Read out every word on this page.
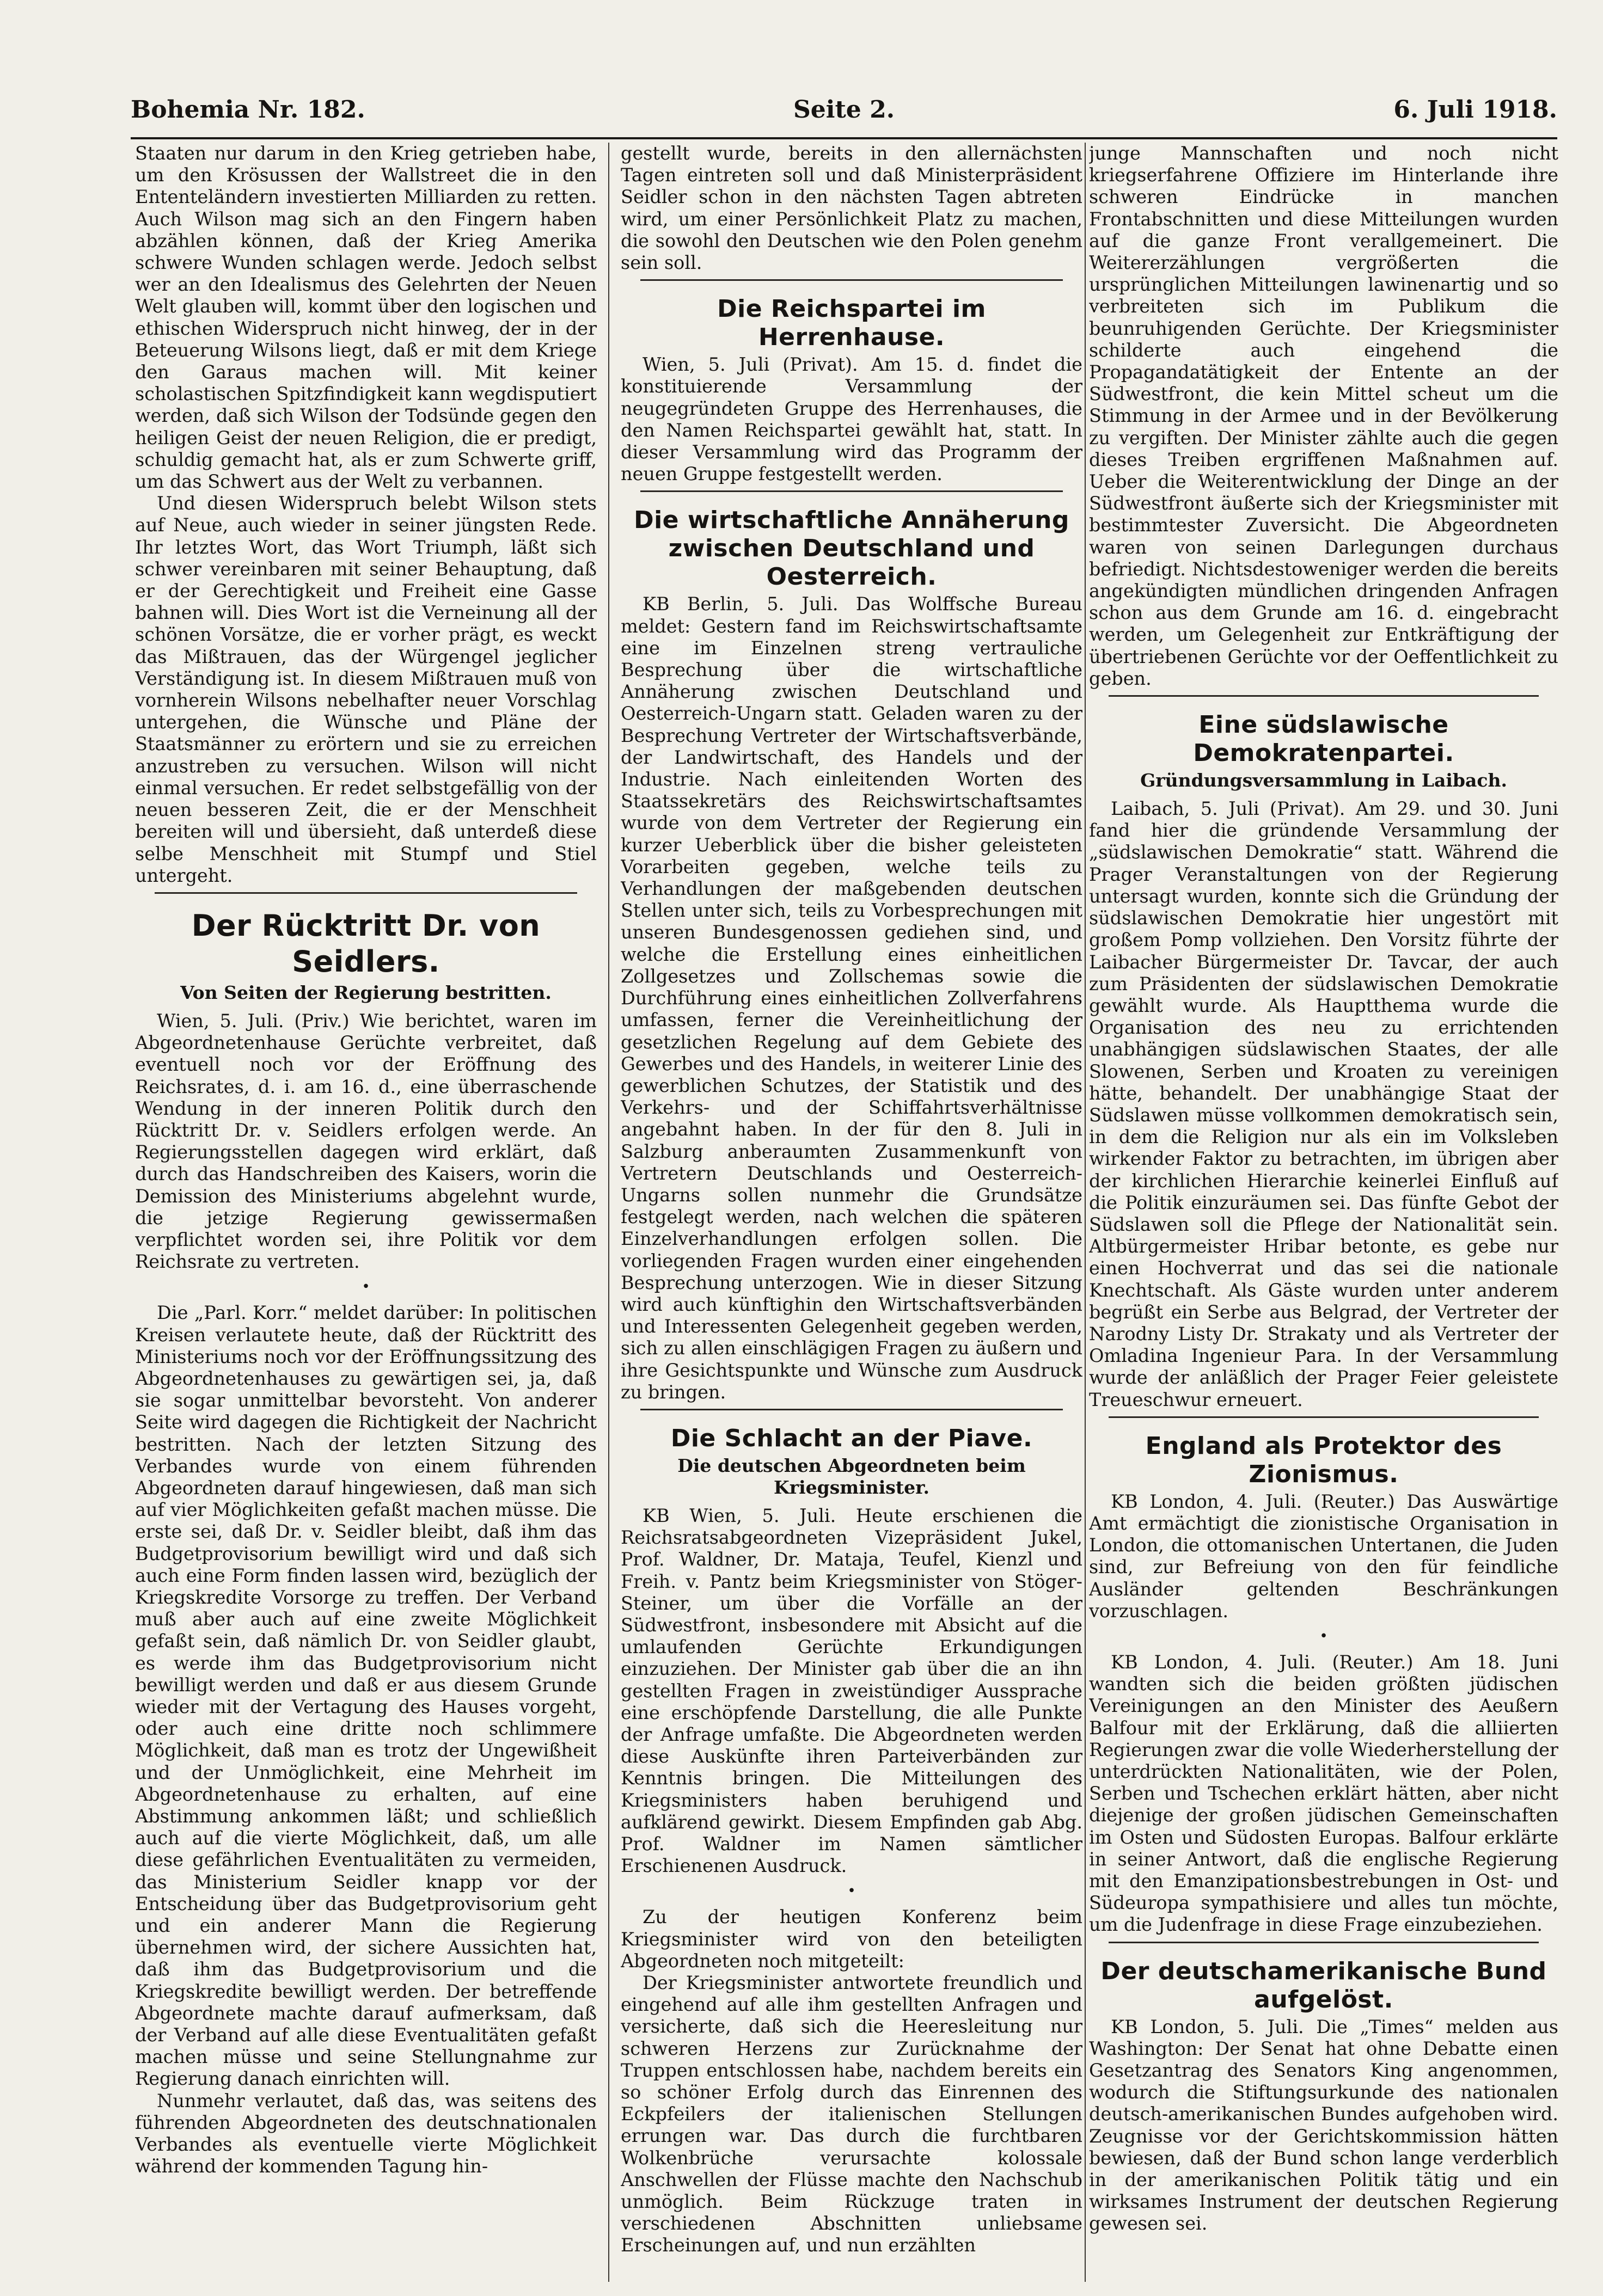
Seite 2.
Bohemia Nr. 182.	6. Juli 1918.

Staaten nur darum in den Krieg getrieben habe, um den Krösussen der Wallstreet die in den Ententeländern investierten Milliarden zu retten. Auch Wilson mag sich an den Fingern haben abzählen können, daß der Krieg Amerika schwere Wunden schlagen werde. Jedoch selbst wer an den Idealismus des Gelehrten der Neuen Welt glauben will, kommt über den logischen und ethischen Widerspruch nicht hinweg, der in der Beteuerung Wilsons liegt, daß er mit dem Kriege den Garaus machen will. Mit keiner scholastischen Spitzfindigkeit kann wegdisputiert werden, daß sich Wilson der Todsünde gegen den heiligen Geist der neuen Religion, die er predigt, schuldig gemacht hat, als er zum Schwerte griff, um das Schwert aus der Welt zu verbannen.

Und diesen Widerspruch belebt Wilson stets auf Neue, auch wieder in seiner jüngsten Rede. Ihr letztes Wort, das Wort Triumph, läßt sich schwer vereinbaren mit seiner Behauptung, daß er der Gerechtigkeit und Freiheit eine Gasse bahnen will. Dies Wort ist die Verneinung all der schönen Vorsätze, die er vorher prägt, es weckt das Mißtrauen, das der Würgengel jeglicher Verständigung ist. In diesem Mißtrauen muß von vornherein Wilsons nebelhafter neuer Vorschlag untergehen, die Wünsche und Pläne der Staatsmänner zu erörtern und sie zu erreichen anzustreben zu versuchen. Wilson will nicht einmal versuchen. Er redet selbstgefällig von der neuen besseren Zeit, die er der Menschheit bereiten will und übersieht, daß unterdeß diese selbe Menschheit mit Stumpf und Stiel untergeht.

Der Rücktritt Dr. von Seidlers.
Von Seiten der Regierung bestritten.

Wien, 5. Juli. (Priv.) Wie berichtet, waren im Abgeordnetenhause Gerüchte verbreitet, daß eventuell noch vor der Eröffnung des Reichsrates, d. i. am 16. d., eine überraschende Wendung in der inneren Politik durch den Rücktritt Dr. v. Seidlers erfolgen werde. An Regierungsstellen dagegen wird erklärt, daß durch das Handschreiben des Kaisers, worin die Demission des Ministeriums abgelehnt wurde, die jetzige Regierung gewissermaßen verpflichtet worden sei, ihre Politik vor dem Reichsrate zu vertreten.

•

Die „Parl. Korr.“ meldet darüber: In politischen Kreisen verlautete heute, daß der Rücktritt des Ministeriums noch vor der Eröffnungssitzung des Abgeordnetenhauses zu gewärtigen sei, ja, daß sie sogar unmittelbar bevorsteht. Von anderer Seite wird dagegen die Richtigkeit der Nachricht bestritten. Nach der letzten Sitzung des Verbandes wurde von einem führenden Abgeordneten darauf hingewiesen, daß man sich auf vier Möglichkeiten gefaßt machen müsse. Die erste sei, daß Dr. v. Seidler bleibt, daß ihm das Budgetprovisorium bewilligt wird und daß sich auch eine Form finden lassen wird, bezüglich der Kriegskredite Vorsorge zu treffen. Der Verband muß aber auch auf eine zweite Möglichkeit gefaßt sein, daß nämlich Dr. von Seidler glaubt, es werde ihm das Budgetprovisorium nicht bewilligt werden und daß er aus diesem Grunde wieder mit der Vertagung des Hauses vorgeht, oder auch eine dritte noch schlimmere Möglichkeit, daß man es trotz der Ungewißheit und der Unmöglichkeit, eine Mehrheit im Abgeordnetenhause zu erhalten, auf eine Abstimmung ankommen läßt; und schließlich auch auf die vierte Möglichkeit, daß, um alle diese gefährlichen Eventualitäten zu vermeiden, das Ministerium Seidler knapp vor der Entscheidung über das Budgetprovisorium geht und ein anderer Mann die Regierung übernehmen wird, der sichere Aussichten hat, daß ihm das Budgetprovisorium und die Kriegskredite bewilligt werden. Der betreffende Abgeordnete machte darauf aufmerksam, daß der Verband auf alle diese Eventualitäten gefaßt machen müsse und seine Stellungnahme zur Regierung danach einrichten will.

Nunmehr verlautet, daß das, was seitens des führenden Abgeordneten des deutschnationalen Verbandes als eventuelle vierte Möglichkeit während der kommenden Tagung hin-

gestellt wurde, bereits in den allernächsten Tagen eintreten soll und daß Ministerpräsident Seidler schon in den nächsten Tagen abtreten wird, um einer Persönlichkeit Platz zu machen, die sowohl den Deutschen wie den Polen genehm sein soll.

Die Reichspartei im Herrenhause.

Wien, 5. Juli (Privat). Am 15. d. findet die konstituierende Versammlung der neugegründeten Gruppe des Herrenhauses, die den Namen Reichspartei gewählt hat, statt. In dieser Versammlung wird das Programm der neuen Gruppe festgestellt werden.

Die wirtschaftliche Annäherung zwischen Deutschland und Oesterreich.

KB Berlin, 5. Juli. Das Wolffsche Bureau meldet: Gestern fand im Reichswirtschaftsamte eine im Einzelnen streng vertrauliche Besprechung über die wirtschaftliche Annäherung zwischen Deutschland und Oesterreich-Ungarn statt. Geladen waren zu der Besprechung Vertreter der Wirtschaftsverbände, der Landwirtschaft, des Handels und der Industrie. Nach einleitenden Worten des Staatssekretärs des Reichswirtschaftsamtes wurde von dem Vertreter der Regierung ein kurzer Ueberblick über die bisher geleisteten Vorarbeiten gegeben, welche teils zu Verhandlungen der maßgebenden deutschen Stellen unter sich, teils zu Vorbesprechungen mit unseren Bundesgenossen gediehen sind, und welche die Erstellung eines einheitlichen Zollgesetzes und Zollschemas sowie die Durchführung eines einheitlichen Zollverfahrens umfassen, ferner die Vereinheitlichung der gesetzlichen Regelung auf dem Gebiete des Gewerbes und des Handels, in weiterer Linie des gewerblichen Schutzes, der Statistik und des Verkehrs- und der Schiffahrtsverhältnisse angebahnt haben. In der für den 8. Juli in Salzburg anberaumten Zusammenkunft von Vertretern Deutschlands und Oesterreich-Ungarns sollen nunmehr die Grundsätze festgelegt werden, nach welchen die späteren Einzelverhandlungen erfolgen sollen. Die vorliegenden Fragen wurden einer eingehenden Besprechung unterzogen. Wie in dieser Sitzung wird auch künftighin den Wirtschaftsverbänden und Interessenten Gelegenheit gegeben werden, sich zu allen einschlägigen Fragen zu äußern und ihre Gesichtspunkte und Wünsche zum Ausdruck zu bringen.

Die Schlacht an der Piave.
Die deutschen Abgeordneten beim Kriegsminister.

KB Wien, 5. Juli. Heute erschienen die Reichsratsabgeordneten Vizepräsident Jukel, Prof. Waldner, Dr. Mataja, Teufel, Kienzl und Freih. v. Pantz beim Kriegsminister von Stöger-Steiner, um über die Vorfälle an der Südwestfront, insbesondere mit Absicht auf die umlaufenden Gerüchte Erkundigungen einzuziehen. Der Minister gab über die an ihn gestellten Fragen in zweistündiger Aussprache eine erschöpfende Darstellung, die alle Punkte der Anfrage umfaßte. Die Abgeordneten werden diese Auskünfte ihren Parteiverbänden zur Kenntnis bringen. Die Mitteilungen des Kriegsministers haben beruhigend und aufklärend gewirkt. Diesem Empfinden gab Abg. Prof. Waldner im Namen sämtlicher Erschienenen Ausdruck.

•

Zu der heutigen Konferenz beim Kriegsminister wird von den beteiligten Abgeordneten noch mitgeteilt:

Der Kriegsminister antwortete freundlich und eingehend auf alle ihm gestellten Anfragen und versicherte, daß sich die Heeresleitung nur schweren Herzens zur Zurücknahme der Truppen entschlossen habe, nachdem bereits ein so schöner Erfolg durch das Einrennen des Eckpfeilers der italienischen Stellungen errungen war. Das durch die furchtbaren Wolkenbrüche verursachte kolossale Anschwellen der Flüsse machte den Nachschub unmöglich. Beim Rückzuge traten in verschiedenen Abschnitten unliebsame Erscheinungen auf, und nun erzählten

junge Mannschaften und noch nicht kriegserfahrene Offiziere im Hinterlande ihre schweren Eindrücke in manchen Frontabschnitten und diese Mitteilungen wurden auf die ganze Front verallgemeinert. Die Weitererzählungen vergrößerten die ursprünglichen Mitteilungen lawinenartig und so verbreiteten sich im Publikum die beunruhigenden Gerüchte. Der Kriegsminister schilderte auch eingehend die Propagandatätigkeit der Entente an der Südwestfront, die kein Mittel scheut um die Stimmung in der Armee und in der Bevölkerung zu vergiften. Der Minister zählte auch die gegen dieses Treiben ergriffenen Maßnahmen auf. Ueber die Weiterentwicklung der Dinge an der Südwestfront äußerte sich der Kriegsminister mit bestimmtester Zuversicht. Die Abgeordneten waren von seinen Darlegungen durchaus befriedigt. Nichtsdestoweniger werden die bereits angekündigten mündlichen dringenden Anfragen schon aus dem Grunde am 16. d. eingebracht werden, um Gelegenheit zur Entkräftigung der übertriebenen Gerüchte vor der Oeffentlichkeit zu geben.

Eine südslawische Demokratenpartei.
Gründungsversammlung in Laibach.

Laibach, 5. Juli (Privat). Am 29. und 30. Juni fand hier die gründende Versammlung der „südslawischen Demokratie“ statt. Während die Prager Veranstaltungen von der Regierung untersagt wurden, konnte sich die Gründung der südslawischen Demokratie hier ungestört mit großem Pomp vollziehen. Den Vorsitz führte der Laibacher Bürgermeister Dr. Tavcar, der auch zum Präsidenten der südslawischen Demokratie gewählt wurde. Als Hauptthema wurde die Organisation des neu zu errichtenden unabhängigen südslawischen Staates, der alle Slowenen, Serben und Kroaten zu vereinigen hätte, behandelt. Der unabhängige Staat der Südslawen müsse vollkommen demokratisch sein, in dem die Religion nur als ein im Volksleben wirkender Faktor zu betrachten, im übrigen aber der kirchlichen Hierarchie keinerlei Einfluß auf die Politik einzuräumen sei. Das fünfte Gebot der Südslawen soll die Pflege der Nationalität sein. Altbürgermeister Hribar betonte, es gebe nur einen Hochverrat und das sei die nationale Knechtschaft. Als Gäste wurden unter anderem begrüßt ein Serbe aus Belgrad, der Vertreter der Narodny Listy Dr. Strakaty und als Vertreter der Omladina Ingenieur Para. In der Versammlung wurde der anläßlich der Prager Feier geleistete Treueschwur erneuert.

England als Protektor des Zionismus.

KB London, 4. Juli. (Reuter.) Das Auswärtige Amt ermächtigt die zionistische Organisation in London, die ottomanischen Untertanen, die Juden sind, zur Befreiung von den für feindliche Ausländer geltenden Beschränkungen vorzuschlagen.

•

KB London, 4. Juli. (Reuter.) Am 18. Juni wandten sich die beiden größten jüdischen Vereinigungen an den Minister des Aeußern Balfour mit der Erklärung, daß die alliierten Regierungen zwar die volle Wiederherstellung der unterdrückten Nationalitäten, wie der Polen, Serben und Tschechen erklärt hätten, aber nicht diejenige der großen jüdischen Gemeinschaften im Osten und Südosten Europas. Balfour erklärte in seiner Antwort, daß die englische Regierung mit den Emanzipationsbestrebungen in Ost- und Südeuropa sympathisiere und alles tun möchte, um die Judenfrage in diese Frage einzubeziehen.

Der deutschamerikanische Bund aufgelöst.

KB London, 5. Juli. Die „Times“ melden aus Washington: Der Senat hat ohne Debatte einen Gesetzantrag des Senators King angenommen, wodurch die Stiftungsurkunde des nationalen deutsch-amerikanischen Bundes aufgehoben wird. Zeugnisse vor der Gerichtskommission hätten bewiesen, daß der Bund schon lange verderblich in der amerikanischen Politik tätig und ein wirksames Instrument der deutschen Regierung gewesen sei.
